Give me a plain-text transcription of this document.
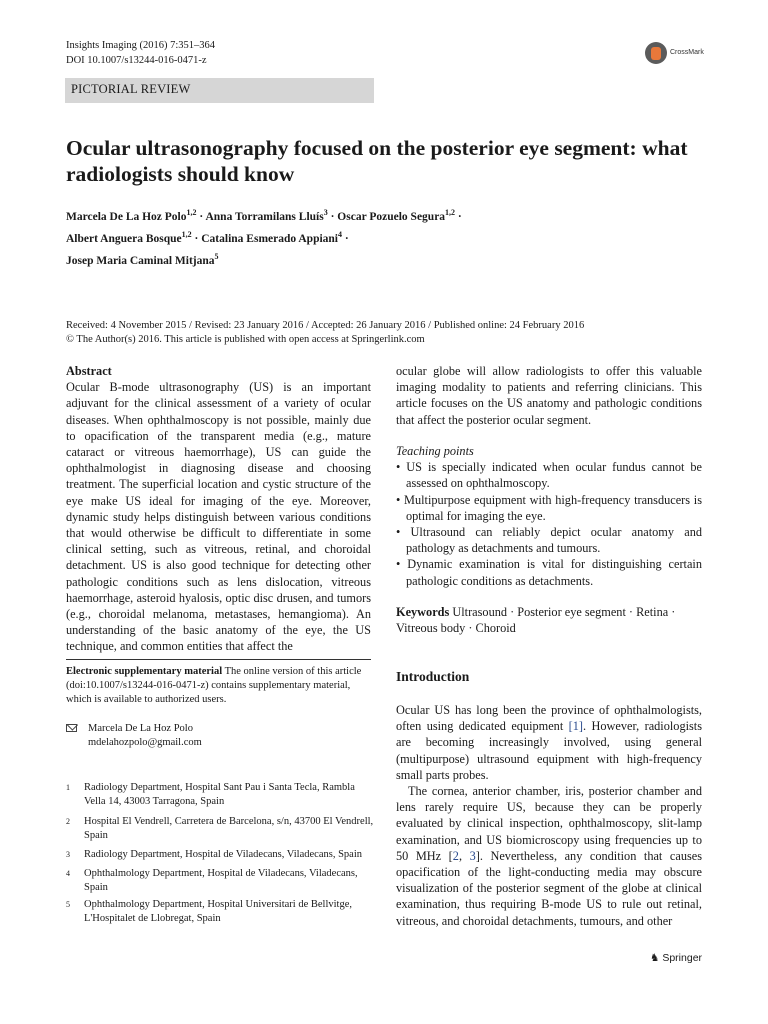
Insights Imaging (2016) 7:351–364
DOI 10.1007/s13244-016-0471-z
PICTORIAL REVIEW
CrossMark
Ocular ultrasonography focused on the posterior eye segment: what radiologists should know
Marcela De La Hoz Polo$^{1,2}$ · Anna Torramilans Lluís$^3$ · Oscar Pozuelo Segura$^{1,2}$ ·
Albert Anguera Bosque$^{1,2}$ · Catalina Esmerado Appiani$^4$ ·
Josep Maria Caminal Mitjana$^5$
Received: 4 November 2015 / Revised: 23 January 2016 / Accepted: 26 January 2016 / Published online: 24 February 2016
© The Author(s) 2016. This article is published with open access at Springerlink.com
Abstract
Ocular B-mode ultrasonography (US) is an important adjuvant for the clinical assessment of a variety of ocular diseases. When ophthalmoscopy is not possible, mainly due to opacification of the transparent media (e.g., mature cataract or vitreous haemorrhage), US can guide the ophthalmologist in diagnosing disease and choosing treatment. The superficial location and cystic structure of the eye make US ideal for imaging of the eye. Moreover, dynamic study helps distinguish between various conditions that would otherwise be difficult to differentiate in some clinical setting, such as vitreous, retinal, and choroidal detachment. US is also good technique for detecting other pathologic conditions such as lens dislocation, vitreous haemorrhage, asteroid hyalosis, optic disc drusen, and tumors (e.g., choroidal melanoma, metastases, hemangioma). An understanding of the basic anatomy of the eye, the US technique, and common entities that affect the
Electronic supplementary material The online version of this article (doi:10.1007/s13244-016-0471-z) contains supplementary material, which is available to authorized users.
Marcela De La Hoz Polo
mdelahozpolo@gmail.com
1 Radiology Department, Hospital Sant Pau i Santa Tecla, Rambla Vella 14, 43003 Tarragona, Spain
2 Hospital El Vendrell, Carretera de Barcelona, s/n, 43700 El Vendrell, Spain
3 Radiology Department, Hospital de Viladecans, Viladecans, Spain
4 Ophthalmology Department, Hospital de Viladecans, Viladecans, Spain
5 Ophthalmology Department, Hospital Universitari de Bellvitge, L'Hospitalet de Llobregat, Spain
ocular globe will allow radiologists to offer this valuable imaging modality to patients and referring clinicians. This article focuses on the US anatomy and pathologic conditions that affect the posterior ocular segment.
Teaching points

• US is specially indicated when ocular fundus cannot be assessed on ophthalmoscopy.

• Multipurpose equipment with high-frequency transducers is optimal for imaging the eye.

• Ultrasound can reliably depict ocular anatomy and pathology as detachments and tumours.

• Dynamic examination is vital for distinguishing certain pathologic conditions as detachments.

Keywords Ultrasound · Posterior eye segment · Retina · Vitreous body · Choroid
Introduction
Ocular US has long been the province of ophthalmologists, often using dedicated equipment [1]. However, radiologists are becoming increasingly involved, using general (multipurpose) ultrasound equipment with high-frequency small parts probes.
The cornea, anterior chamber, iris, posterior chamber and lens rarely require US, because they can be properly evaluated by clinical inspection, ophthalmoscopy, slit-lamp examination, and US biomicroscopy using frequencies up to 50 MHz [2, 3]. Nevertheless, any condition that causes opacification of the light-conducting media may obscure visualization of the posterior segment of the globe at clinical examination, thus requiring B-mode US to rule out retinal, vitreous, and choroidal detachments, tumours, and other
♞ Springer
